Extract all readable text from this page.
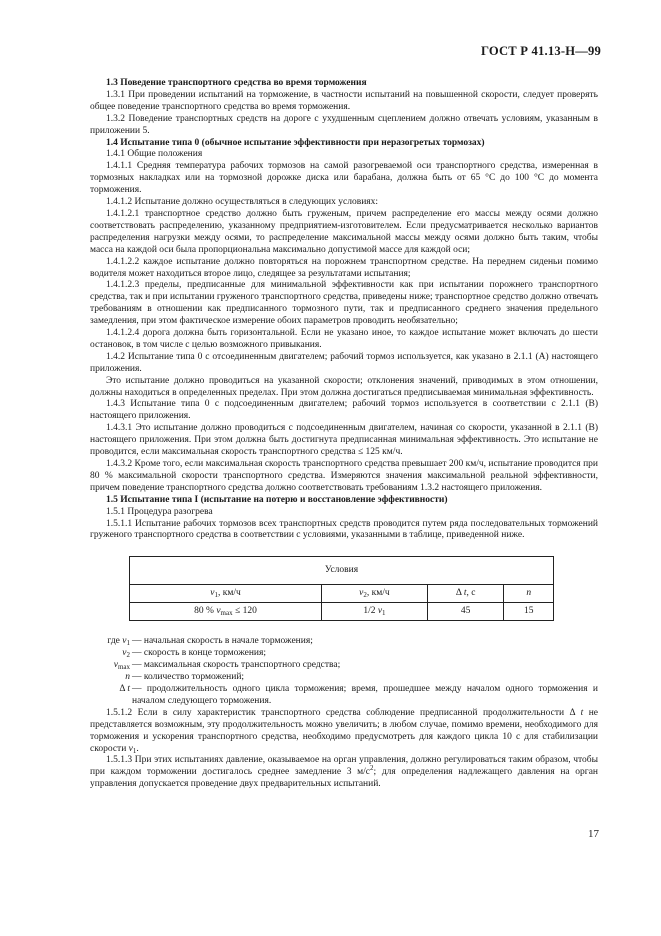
ГОСТ Р 41.13-Н—99

1.3 Поведение транспортного средства во время торможения

1.3.1 При проведении испытаний на торможение, в частности испытаний на повышенной скорости, следует проверять общее поведение транспортного средства во время торможения.

1.3.2 Поведение транспортных средств на дороге с ухудшенным сцеплением должно отвечать условиям, указанным в приложении 5.

1.4 Испытание типа 0 (обычное испытание эффективности при неразогретых тормозах)

1.4.1 Общие положения

1.4.1.1 Средняя температура рабочих тормозов на самой разогреваемой оси транспортного средства, измеренная в тормозных накладках или на тормозной дорожке диска или барабана, должна быть от 65 °С до 100 °С до момента торможения.

1.4.1.2 Испытание должно осуществляться в следующих условиях:

1.4.1.2.1 транспортное средство должно быть груженым, причем распределение его массы между осями должно соответствовать распределению, указанному предприятием-изготовителем. Если предусматривается несколько вариантов распределения нагрузки между осями, то распределение максимальной массы между осями должно быть таким, чтобы масса на каждой оси была пропорциональна максимально допустимой массе для каждой оси;

1.4.1.2.2 каждое испытание должно повторяться на порожнем транспортном средстве. На переднем сиденьи помимо водителя может находиться второе лицо, следящее за результатами испытания;

1.4.1.2.3 пределы, предписанные для минимальной эффективности как при испытании порожнего транспортного средства, так и при испытании груженого транспортного средства, приведены ниже; транспортное средство должно отвечать требованиям в отношении как предписанного тормозного пути, так и предписанного среднего значения предельного замедления, при этом фактическое измерение обоих параметров проводить необязательно;

1.4.1.2.4 дорога должна быть горизонтальной. Если не указано иное, то каждое испытание может включать до шести остановок, в том числе с целью возможного привыкания.

1.4.2 Испытание типа 0 с отсоединенным двигателем; рабочий тормоз используется, как указано в 2.1.1 (А) настоящего приложения.

Это испытание должно проводиться на указанной скорости; отклонения значений, приводимых в этом отношении, должны находиться в определенных пределах. При этом должна достигаться предписываемая минимальная эффективность.

1.4.3 Испытание типа 0 с подсоединенным двигателем; рабочий тормоз используется в соответствии с 2.1.1 (В) настоящего приложения.

1.4.3.1 Это испытание должно проводиться с подсоединенным двигателем, начиная со скорости, указанной в 2.1.1 (В) настоящего приложения. При этом должна быть достигнута предписанная минимальная эффективность. Это испытание не проводится, если максимальная скорость транспортного средства ≤ 125 км/ч.

1.4.3.2 Кроме того, если максимальная скорость транспортного средства превышает 200 км/ч, испытание проводится при 80 % максимальной скорости транспортного средства. Измеряются значения максимальной реальной эффективности, причем поведение транспортного средства должно соответствовать требованиям 1.3.2 настоящего приложения.

1.5 Испытание типа I (испытание на потерю и восстановление эффективности)

1.5.1 Процедура разогрева

1.5.1.1 Испытание рабочих тормозов всех транспортных средств проводится путем ряда последовательных торможений груженого транспортного средства в соответствии с условиями, указанными в таблице, приведенной ниже.

Условия			
$v_1$, км/ч	$v_2$, км/ч	Δ t, с	n
80 % $v_{max} \le 120$	1/2 $v_1$	45	15
где $v_1$ — начальная скорость в начале торможения;
$v_2$ — скорость в конце торможения;
$v_{max}$ — максимальная скорость транспортного средства;
n — количество торможений;
Δ t — продолжительность одного цикла торможения; время, прошедшее между началом одного торможения и началом следующего торможения.

1.5.1.2 Если в силу характеристик транспортного средства соблюдение предписанной продолжительности Δ t не представляется возможным, эту продолжительность можно увеличить; в любом случае, помимо времени, необходимого для торможения и ускорения транспортного средства, необходимо предусмотреть для каждого цикла 10 с для стабилизации скорости $v_1$.

1.5.1.3 При этих испытаниях давление, оказываемое на орган управления, должно регулироваться таким образом, чтобы при каждом торможении достигалось среднее замедление 3 $м/с^2$; для определения надлежащего давления на орган управления допускается проведение двух предварительных испытаний.

17
